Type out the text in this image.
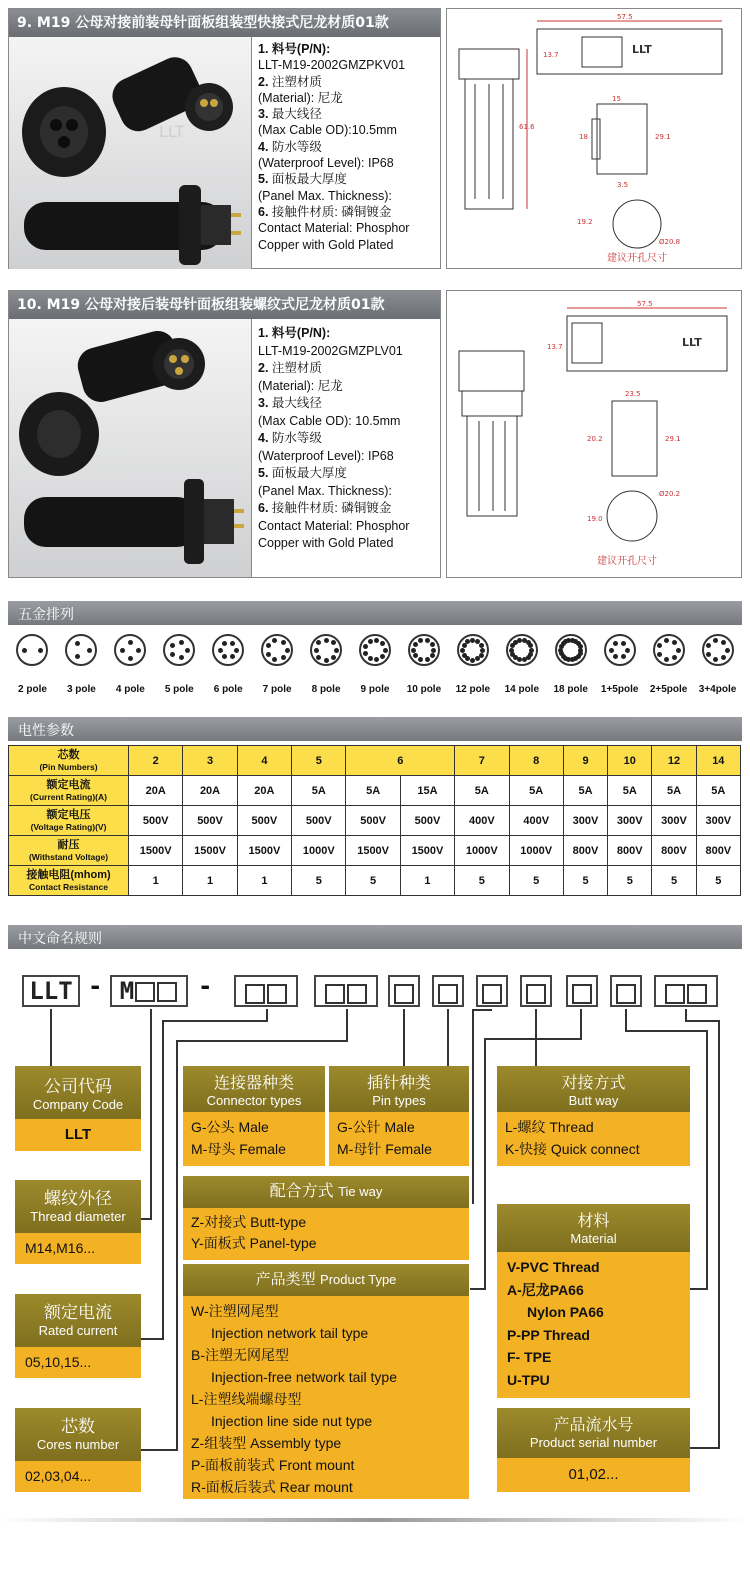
9. M19 公母对接前装母针面板组装型快接式尼龙材质01款
LLT
1. 料号(P/N):
LLT-M19-2002GMZPKV01
2. 注塑材质
(Material): 尼龙
3. 最大线径
(Max Cable OD):10.5mm
4. 防水等级
(Waterproof Level): IP68
5. 面板最大厚度
(Panel Max. Thickness):
6. 接触件材质: 磷铜镀金
Contact Material: Phosphor
Copper with Gold Plated
57.5
13.7
61.6
15
18	29.1
3.5
19.2
Ø20.8
建议开孔尺寸
LLT
10. M19 公母对接后装母针面板组装螺纹式尼龙材质01款
1. 料号(P/N):
LLT-M19-2002GMZPLV01
2. 注塑材质
(Material): 尼龙
3. 最大线径
(Max Cable OD): 10.5mm
4. 防水等级
(Waterproof Level): IP68
5. 面板最大厚度
(Panel Max. Thickness):
6. 接触件材质: 磷铜镀金
Contact Material: Phosphor
Copper with Gold Plated
57.5
13.7
23.5
20.2	29.1
Ø20.2
19.0
建议开孔尺寸
LLT
五金排列
2 pole	3 pole	4 pole	5 pole	6 pole	7 pole	8 pole	9 pole	10 pole	12 pole	14 pole	18 pole	1+5pole	2+5pole	3+4pole
电性参数
芯数
(Pin Numbers)	2	3	4	5	6		7	8	9	10	12	14
额定电流
(Current Rating)(A)	20A	20A	20A	5A	5A	15A	5A	5A	5A	5A	5A	5A
额定电压
(Voltage Rating)(V)	500V	500V	500V	500V	500V	500V	400V	400V	300V	300V	300V	300V
耐压
(Withstand Voltage)	1500V	1500V	1500V	1000V	1500V	1500V	1000V	1000V	800V	800V	800V	800V
接触电阻(mhom)
Contact Resistance	1	1	1	5	5	1	5	5	5	5	5	5
中文命名规则
LLT - M	-
公司代码
Company Code
LLT
螺纹外径
Thread diameter
M14,M16...
额定电流
Rated current
05,10,15...
芯数
Cores number
02,03,04...
连接器种类
Connector types
G-公头 Male
M-母头 Female
插针种类
Pin types
G-公针 Male
M-母针 Female
配合方式 Tie way
Z-对接式 Butt-type
Y-面板式 Panel-type
产品类型 Product Type
W-注塑网尾型
Injection network tail type
B-注塑无网尾型
Injection-free network tail type
L-注塑线端螺母型
Injection line side nut type
Z-组装型 Assembly type
P-面板前装式 Front mount
R-面板后装式 Rear mount
对接方式
Butt way
L-螺纹 Thread
K-快接 Quick connect
材料
Material
V-PVC Thread
A-尼龙PA66
Nylon PA66
P-PP Thread
F- TPE
U-TPU
产品流水号
Product serial number
01,02...
